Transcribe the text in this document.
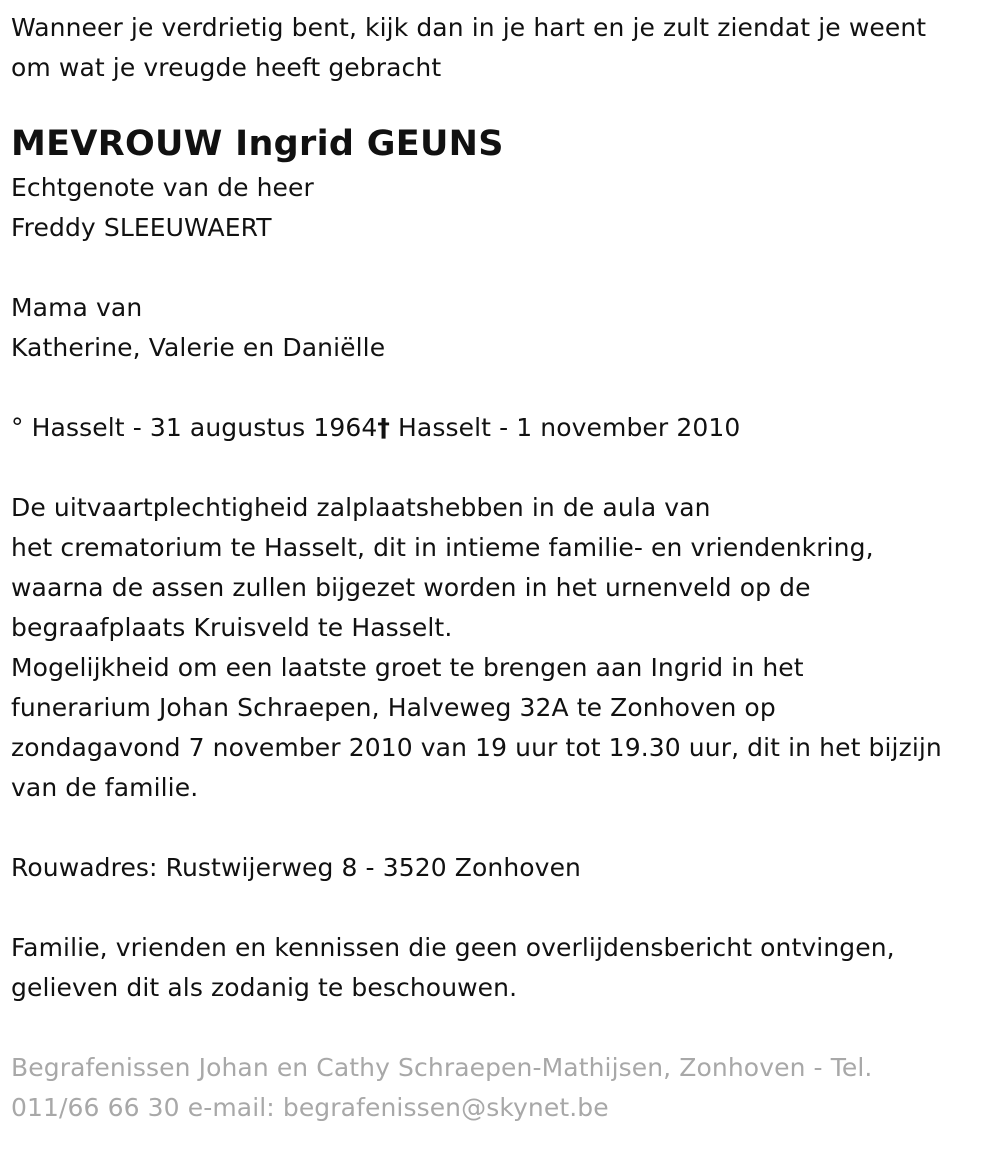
Wanneer je verdrietig bent, kijk dan in je hart en je zult ziendat je weent
om wat je vreugde heeft gebracht
MEVROUW Ingrid GEUNS
Echtgenote van de heer
Freddy SLEEUWAERT
Mama van
Katherine, Valerie en Daniëlle
° Hasselt - 31 augustus 1964† Hasselt - 1 november 2010
De uitvaartplechtigheid zalplaatshebben in de aula van
het crematorium te Hasselt, dit in intieme familie- en vriendenkring,
waarna de assen zullen bijgezet worden in het urnenveld op de
begraafplaats Kruisveld te Hasselt.
Mogelijkheid om een laatste groet te brengen aan Ingrid in het
funerarium Johan Schraepen, Halveweg 32A te Zonhoven op
zondagavond 7 november 2010 van 19 uur tot 19.30 uur, dit in het bijzijn
van de familie.
Rouwadres: Rustwijerweg 8 - 3520 Zonhoven
Familie, vrienden en kennissen die geen overlijdensbericht ontvingen,
gelieven dit als zodanig te beschouwen.
Begrafenissen Johan en Cathy Schraepen-Mathijsen, Zonhoven - Tel.
011/66 66 30 e-mail: begrafenissen@skynet.be
